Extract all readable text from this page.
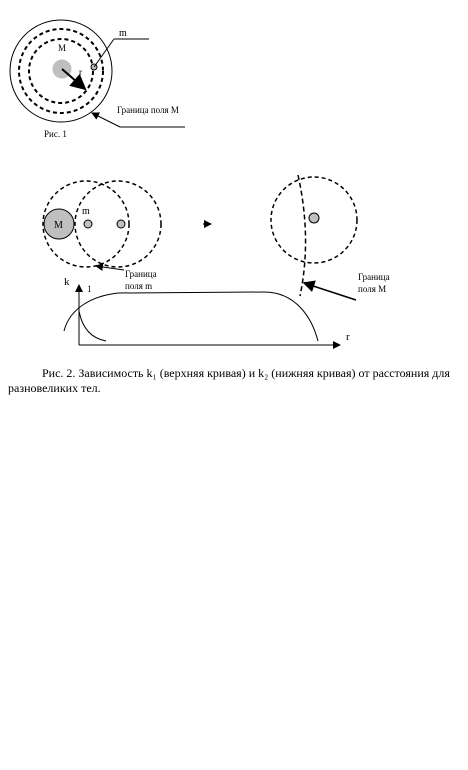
M
r
m
Граница поля М
Рис. 1
M
m
Граница
поля m
Граница
поля M
k
1
r
Рис. 2. Зависимость k₁ (верхняя кривая) и k₂ (нижняя кривая) от расстояния для разновеликих тел.
